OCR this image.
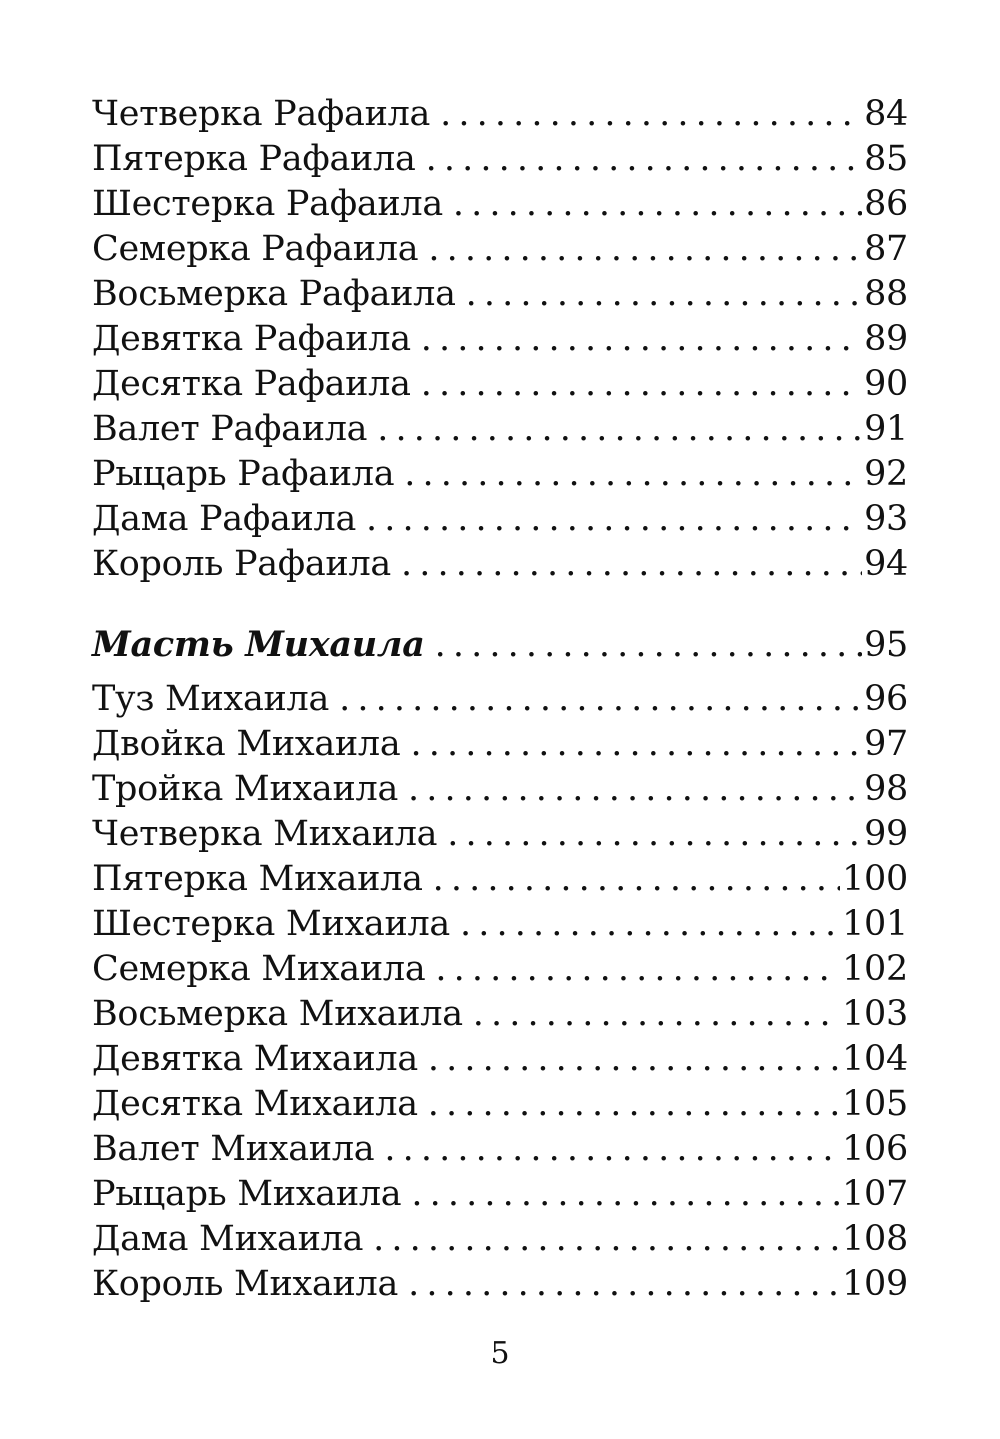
Четверка Рафаила . . .	84
Пятерка Рафаила . . .	85
Шестерка Рафаила . . .	86
Семерка Рафаила . . .	87
Восьмерка Рафаила . . .	88
Девятка Рафаила . . .	89
Десятка Рафаила . . .	90
Валет Рафаила . . .	91
Рыцарь Рафаила . . .	92
Дама Рафаила . . .	93
Король Рафаила . . .	94
Масть Михаила . . .	95
Туз Михаила . . .	96
Двойка Михаила . . .	97
Тройка Михаила . . .	98
Четверка Михаила . . .	99
Пятерка Михаила . . .	100
Шестерка Михаила . . .	101
Семерка Михаила . . .	102
Восьмерка Михаила . . .	103
Девятка Михаила . . .	104
Десятка Михаила . . .	105
Валет Михаила . . .	106
Рыцарь Михаила . . .	107
Дама Михаила . . .	108
Король Михаила . . .	109
5
